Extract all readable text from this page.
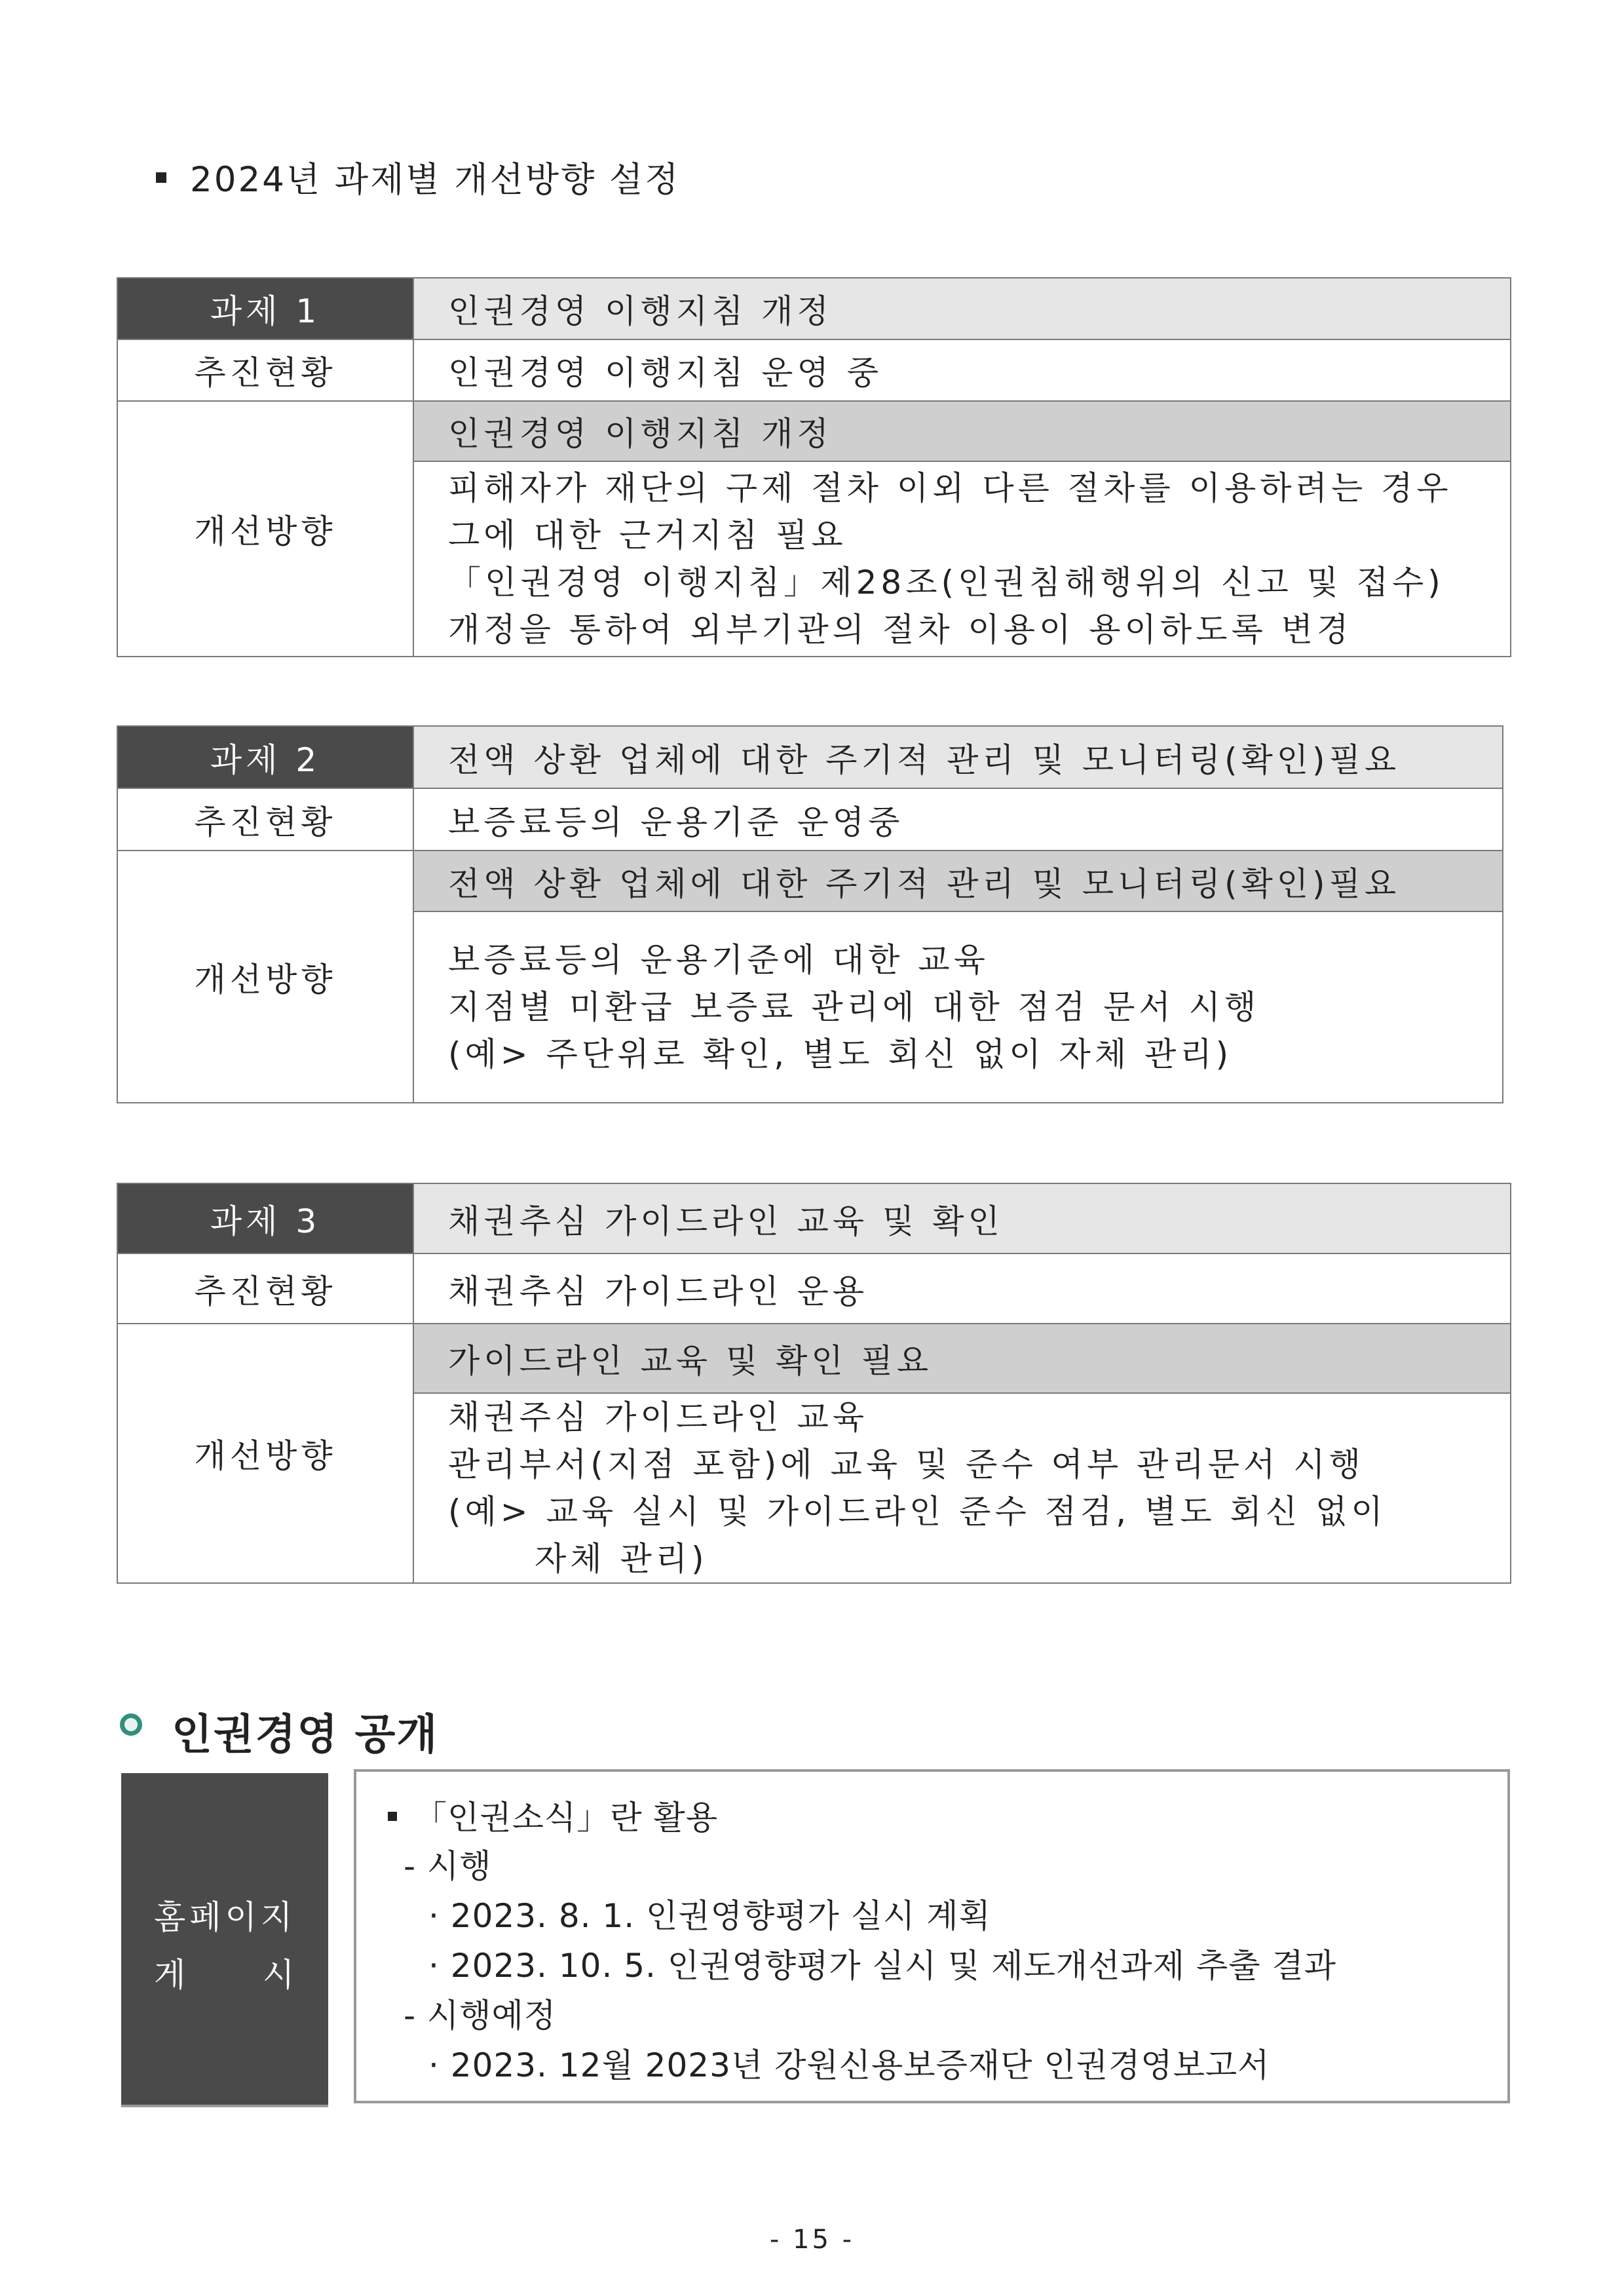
2024년 과제별 개선방향 설정
과제 1	인권경영 이행지침 개정
추진현황	인권경영 이행지침 운영 중
개선방향	인권경영 이행지침 개정

	피해자가 재단의 구제 절차 이외 다른 절차를 이용하려는 경우
그에 대한 근거지침 필요
「인권경영 이행지침」제28조(인권침해행위의 신고 및 접수)
개정을 통하여 외부기관의 절차 이용이 용이하도록 변경
과제 2	전액 상환 업체에 대한 주기적 관리 및 모니터링(확인)필요
추진현황	보증료등의 운용기준 운영중
개선방향	전액 상환 업체에 대한 주기적 관리 및 모니터링(확인)필요

	보증료등의 운용기준에 대한 교육
지점별 미환급 보증료 관리에 대한 점검 문서 시행
(예> 주단위로 확인, 별도 회신 없이 자체 관리)
과제 3	채권추심 가이드라인 교육 및 확인
추진현황	채권추심 가이드라인 운용
개선방향	가이드라인 교육 및 확인 필요

	채권주심 가이드라인 교육
관리부서(지점 포함)에 교육 및 준수 여부 관리문서 시행
(예> 교육 실시 및 가이드라인 준수 점검, 별도 회신 없이
자체 관리)
인권경영 공개
홈페이지
게 시
「인권소식」란 활용
- 시행
· 2023. 8. 1. 인권영향평가 실시 계획
· 2023. 10. 5. 인권영향평가 실시 및 제도개선과제 추출 결과
- 시행예정
· 2023. 12월 2023년 강원신용보증재단 인권경영보고서
- 15 -
